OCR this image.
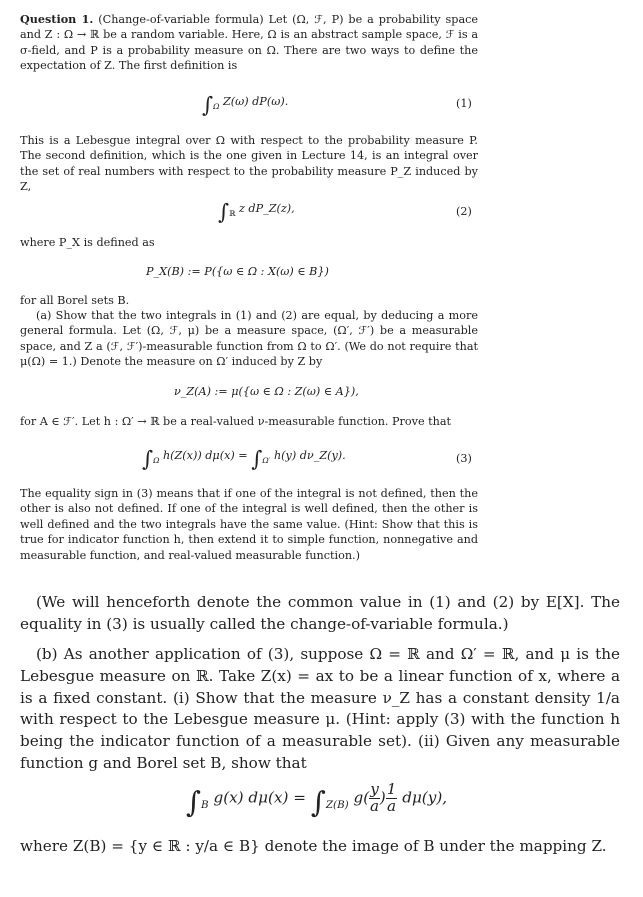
Question 1. (Change-of-variable formula) Let (Ω, ℱ, P) be a probability space and Z : Ω → ℝ be a random variable. Here, Ω is an abstract sample space, ℱ is a σ-field, and P is a probability measure on Ω. There are two ways to define the expectation of Z. The first definition is

$\int_\Omega$ Z(ω) dP(ω).	(1)

This is a Lebesgue integral over Ω with respect to the probability measure P. The second definition, which is the one given in Lecture 14, is an integral over the set of real numbers with respect to the probability measure P_Z induced by Z,

$\int_ℝ$ z dP_Z(z),	(2)

where P_X is defined as

P_X(B) := P({ω ∈ Ω : X(ω) ∈ B})

for all Borel sets B.

(a) Show that the two integrals in (1) and (2) are equal, by deducing a more general formula. Let (Ω, ℱ, μ) be a measure space, (Ω′, ℱ′) be a measurable space, and Z a (ℱ, ℱ′)-measurable function from Ω to Ω′. (We do not require that μ(Ω) = 1.) Denote the measure on Ω′ induced by Z by

ν_Z(A) := μ({ω ∈ Ω : Z(ω) ∈ A}),

for A ∈ ℱ′. Let h : Ω′ → ℝ be a real-valued ν-measurable function. Prove that

$\int_\Omega$ h(Z(x)) $d\mu(x) = \int_{\Omega'}$ h(y) dν_Z(y).	(3)

The equality sign in (3) means that if one of the integral is not defined, then the other is also not defined. If one of the integral is well defined, then the other is well defined and the two integrals have the same value. (Hint: Show that this is true for indicator function h, then extend it to simple function, nonnegative and measurable function, and real-valued measurable function.)

(We will henceforth denote the common value in (1) and (2) by E[X]. The equality in (3) is usually called the change-of-variable formula.)

(b) As another application of (3), suppose Ω = ℝ and Ω′ = ℝ, and μ is the Lebesgue measure on ℝ. Take Z(x) = ax to be a linear function of x, where a is a fixed constant. (i) Show that the measure ν_Z has a constant density 1/a with respect to the Lebesgue measure μ. (Hint: apply (3) with the function h being the indicator function of a measurable set). (ii) Given any measurable function g and Borel set B, show that

$\int_B$ g(x) $d\mu(x) = \int_{Z(B)}$ $g( \frac{y}{a}$ ) $\frac{1}{a} d\mu(y)$,

where Z(B) = {y ∈ ℝ : y/a ∈ B} denote the image of B under the mapping Z.
